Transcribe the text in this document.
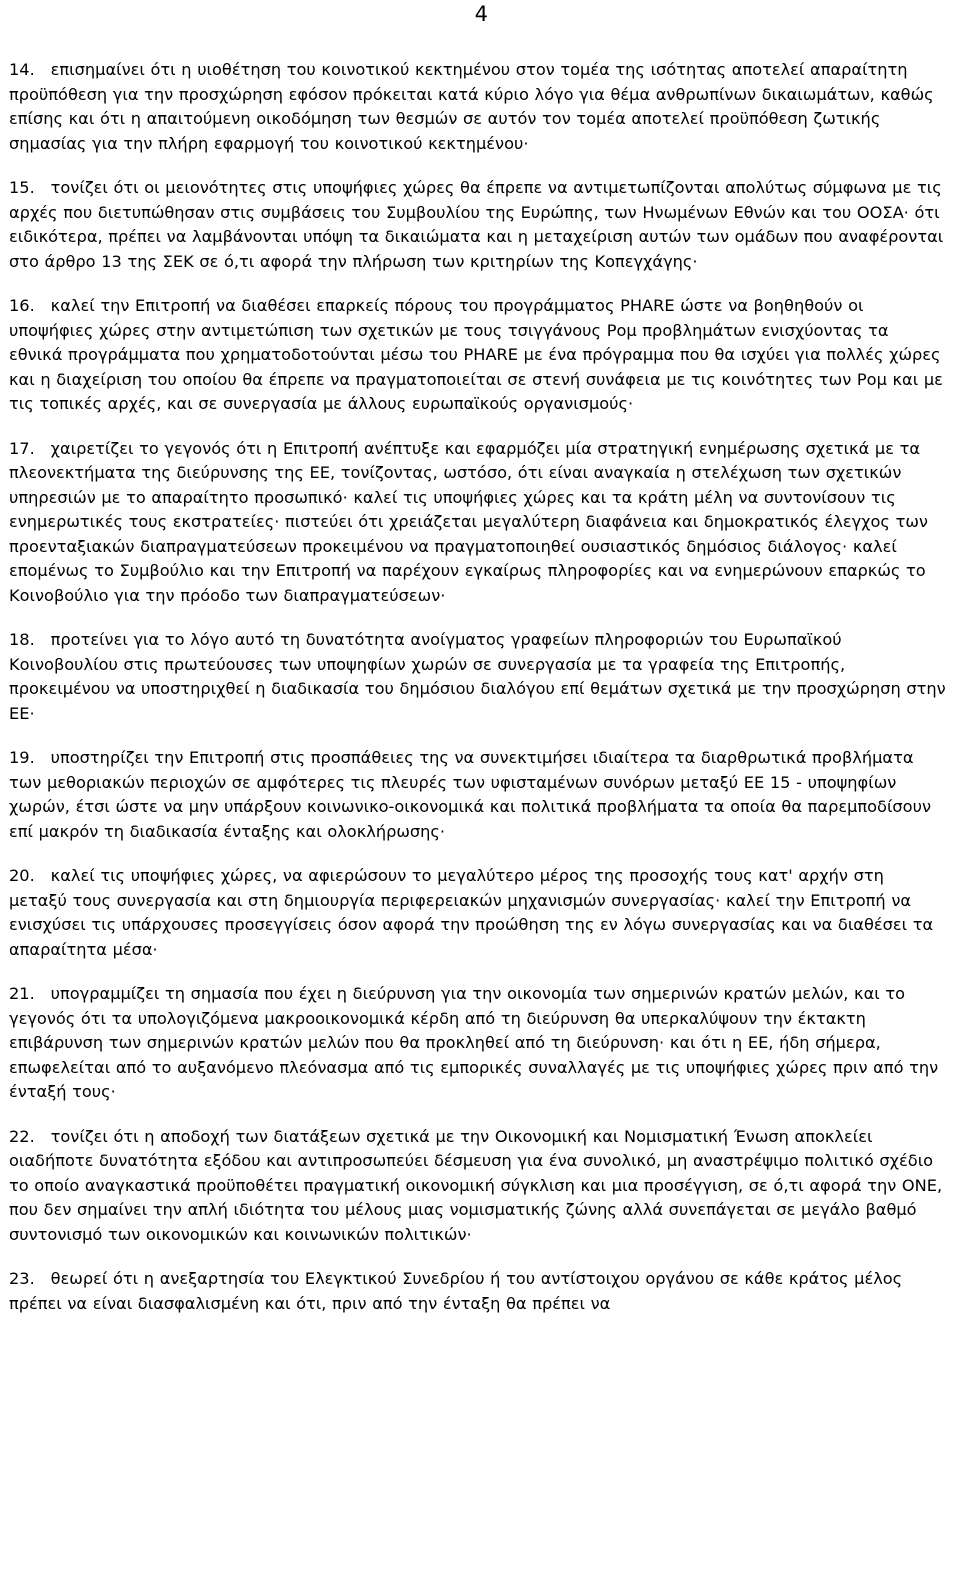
4

14. επισημαίνει ότι η υιοθέτηση του κοινοτικού κεκτημένου στον τομέα της ισότητας αποτελεί απαραίτητη προϋπόθεση για την προσχώρηση εφόσον πρόκειται κατά κύριο λόγο για θέμα ανθρωπίνων δικαιωμάτων, καθώς επίσης και ότι η απαιτούμενη οικοδόμηση των θεσμών σε αυτόν τον τομέα αποτελεί προϋπόθεση ζωτικής σημασίας για την πλήρη εφαρμογή του κοινοτικού κεκτημένου·

15. τονίζει ότι οι μειονότητες στις υποψήφιες χώρες θα έπρεπε να αντιμετωπίζονται απολύτως σύμφωνα με τις αρχές που διετυπώθησαν στις συμβάσεις του Συμβουλίου της Ευρώπης, των Ηνωμένων Εθνών και του ΟΟΣΑ· ότι ειδικότερα, πρέπει να λαμβάνονται υπόψη τα δικαιώματα και η μεταχείριση αυτών των ομάδων που αναφέρονται στο άρθρο 13 της ΣΕΚ σε ό,τι αφορά την πλήρωση των κριτηρίων της Κοπεγχάγης·

16. καλεί την Επιτροπή να διαθέσει επαρκείς πόρους του προγράμματος PHARE ώστε να βοηθηθούν οι υποψήφιες χώρες στην αντιμετώπιση των σχετικών με τους τσιγγάνους Ρομ προβλημάτων ενισχύοντας τα εθνικά προγράμματα που χρηματοδοτούνται μέσω του PHARE με ένα πρόγραμμα που θα ισχύει για πολλές χώρες και η διαχείριση του οποίου θα έπρεπε να πραγματοποιείται σε στενή συνάφεια με τις κοινότητες των Ρομ και με τις τοπικές αρχές, και σε συνεργασία με άλλους ευρωπαϊκούς οργανισμούς·

17. χαιρετίζει το γεγονός ότι η Επιτροπή ανέπτυξε και εφαρμόζει μία στρατηγική ενημέρωσης σχετικά με τα πλεονεκτήματα της διεύρυνσης της ΕΕ, τονίζοντας, ωστόσο, ότι είναι αναγκαία η στελέχωση των σχετικών υπηρεσιών με το απαραίτητο προσωπικό· καλεί τις υποψήφιες χώρες και τα κράτη μέλη να συντονίσουν τις ενημερωτικές τους εκστρατείες· πιστεύει ότι χρειάζεται μεγαλύτερη διαφάνεια και δημοκρατικός έλεγχος των προενταξιακών διαπραγματεύσεων προκειμένου να πραγματοποιηθεί ουσιαστικός δημόσιος διάλογος· καλεί επομένως το Συμβούλιο και την Επιτροπή να παρέχουν εγκαίρως πληροφορίες και να ενημερώνουν επαρκώς το Κοινοβούλιο για την πρόοδο των διαπραγματεύσεων·

18. προτείνει για το λόγο αυτό τη δυνατότητα ανοίγματος γραφείων πληροφοριών του Ευρωπαϊκού Κοινοβουλίου στις πρωτεύουσες των υποψηφίων χωρών σε συνεργασία με τα γραφεία της Επιτροπής, προκειμένου να υποστηριχθεί η διαδικασία του δημόσιου διαλόγου επί θεμάτων σχετικά με την προσχώρηση στην ΕΕ·

19. υποστηρίζει την Επιτροπή στις προσπάθειες της να συνεκτιμήσει ιδιαίτερα τα διαρθρωτικά προβλήματα των μεθοριακών περιοχών σε αμφότερες τις πλευρές των υφισταμένων συνόρων μεταξύ ΕΕ 15 - υποψηφίων χωρών, έτσι ώστε να μην υπάρξουν κοινωνικο-οικονομικά και πολιτικά προβλήματα τα οποία θα παρεμποδίσουν επί μακρόν τη διαδικασία ένταξης και ολοκλήρωσης·

20. καλεί τις υποψήφιες χώρες, να αφιερώσουν το μεγαλύτερο μέρος της προσοχής τους κατ' αρχήν στη μεταξύ τους συνεργασία και στη δημιουργία περιφερειακών μηχανισμών συνεργασίας· καλεί την Επιτροπή να ενισχύσει τις υπάρχουσες προσεγγίσεις όσον αφορά την προώθηση της εν λόγω συνεργασίας και να διαθέσει τα απαραίτητα μέσα·

21. υπογραμμίζει τη σημασία που έχει η διεύρυνση για την οικονομία των σημερινών κρατών μελών, και το γεγονός ότι τα υπολογιζόμενα μακροοικονομικά κέρδη από τη διεύρυνση θα υπερκαλύψουν την έκτακτη επιβάρυνση των σημερινών κρατών μελών που θα προκληθεί από τη διεύρυνση· και ότι η ΕΕ, ήδη σήμερα, επωφελείται από το αυξανόμενο πλεόνασμα από τις εμπορικές συναλλαγές με τις υποψήφιες χώρες πριν από την ένταξή τους·

22. τονίζει ότι η αποδοχή των διατάξεων σχετικά με την Οικονομική και Νομισματική Ένωση αποκλείει οιαδήποτε δυνατότητα εξόδου και αντιπροσωπεύει δέσμευση για ένα συνολικό, μη αναστρέψιμο πολιτικό σχέδιο το οποίο αναγκαστικά προϋποθέτει πραγματική οικονομική σύγκλιση και μια προσέγγιση, σε ό,τι αφορά την ΟΝΕ, που δεν σημαίνει την απλή ιδιότητα του μέλους μιας νομισματικής ζώνης αλλά συνεπάγεται σε μεγάλο βαθμό συντονισμό των οικονομικών και κοινωνικών πολιτικών·

23. θεωρεί ότι η ανεξαρτησία του Ελεγκτικού Συνεδρίου ή του αντίστοιχου οργάνου σε κάθε κράτος μέλος πρέπει να είναι διασφαλισμένη και ότι, πριν από την ένταξη θα πρέπει να
